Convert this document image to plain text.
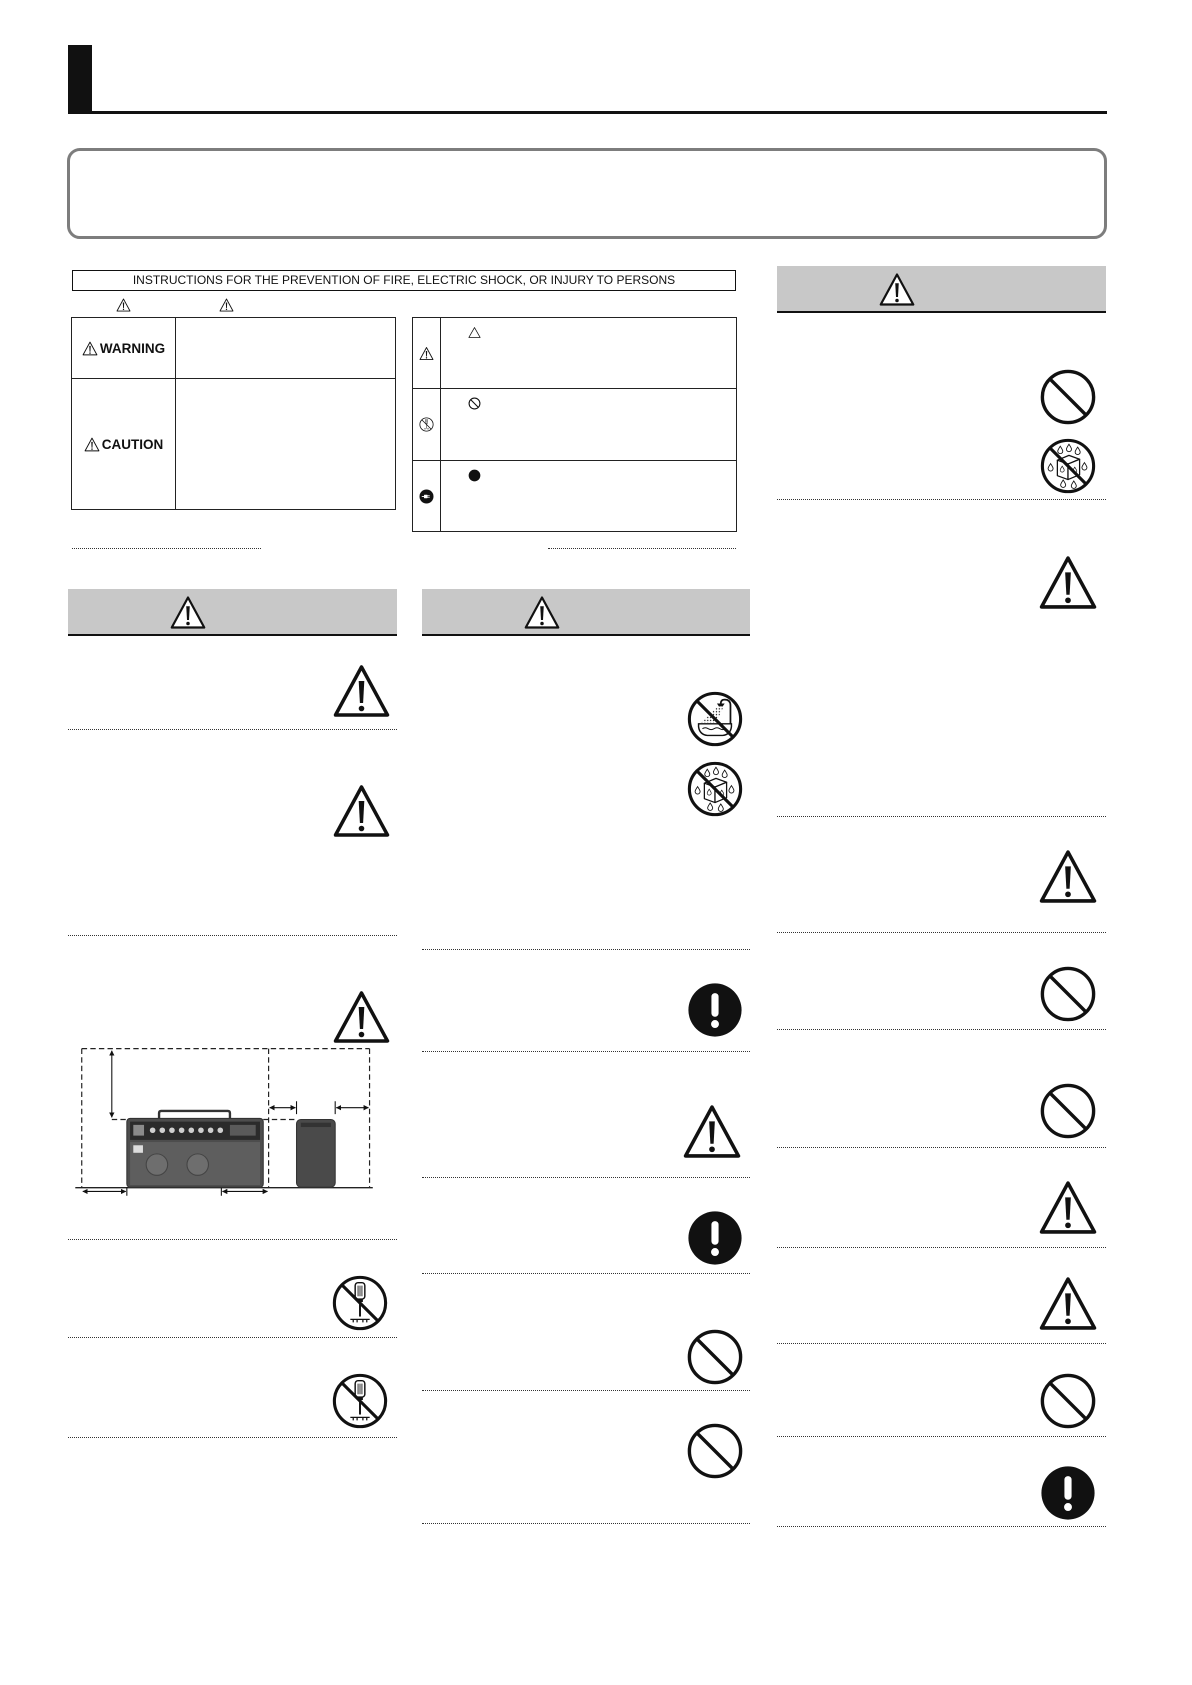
INSTRUCTIONS FOR THE PREVENTION OF FIRE, ELECTRIC SHOCK, OR INJURY TO PERSONS
WARNING
CAUTION
